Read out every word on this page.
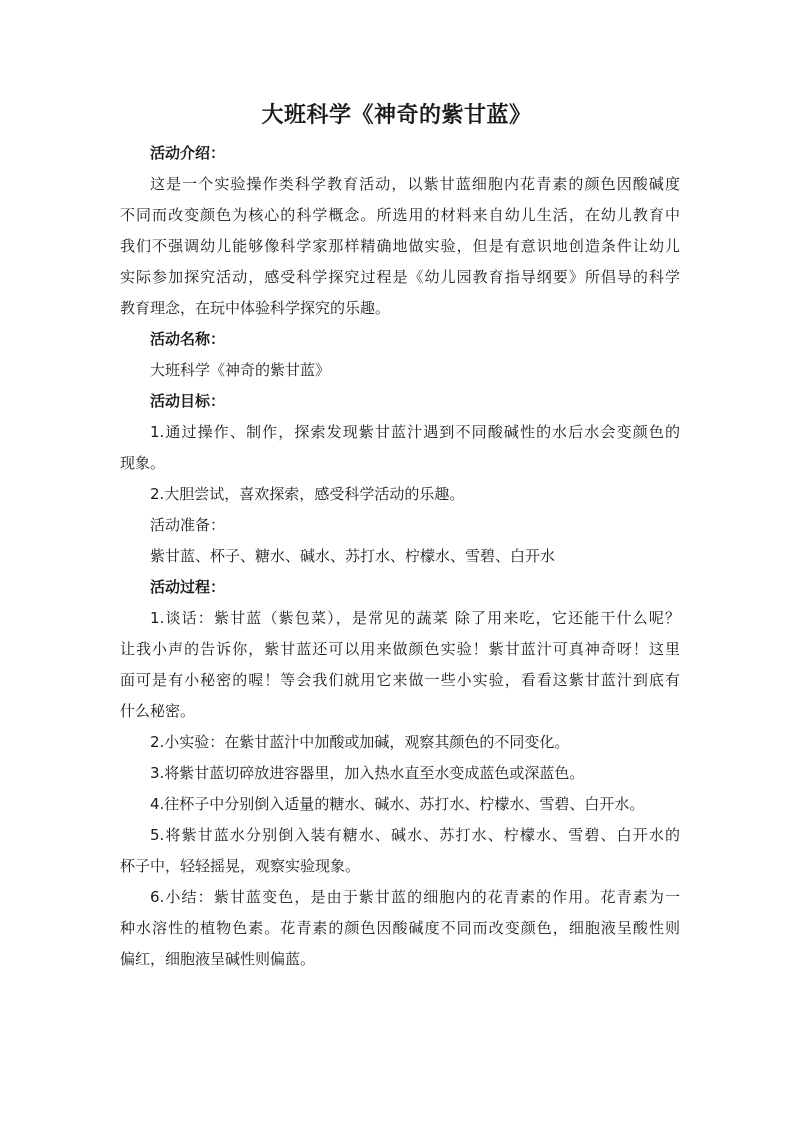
大班科学《神奇的紫甘蓝》
活动介绍：
这是一个实验操作类科学教育活动，以紫甘蓝细胞内花青素的颜色因酸碱度
不同而改变颜色为核心的科学概念。所选用的材料来自幼儿生活，在幼儿教育中
我们不强调幼儿能够像科学家那样精确地做实验，但是有意识地创造条件让幼儿
实际参加探究活动，感受科学探究过程是《幼儿园教育指导纲要》所倡导的科学
教育理念，在玩中体验科学探究的乐趣。
活动名称：
大班科学《神奇的紫甘蓝》
活动目标：
1.通过操作、制作，探索发现紫甘蓝汁遇到不同酸碱性的水后水会变颜色的
现象。
2.大胆尝试，喜欢探索，感受科学活动的乐趣。
活动准备：
紫甘蓝、杯子、糖水、碱水、苏打水、柠檬水、雪碧、白开水
活动过程：
1.谈话：紫甘蓝（紫包菜），是常见的蔬菜 除了用来吃，它还能干什么呢？
让我小声的告诉你，紫甘蓝还可以用来做颜色实验！紫甘蓝汁可真神奇呀！这里
面可是有小秘密的喔！等会我们就用它来做一些小实验，看看这紫甘蓝汁到底有
什么秘密。
2.小实验：在紫甘蓝汁中加酸或加碱，观察其颜色的不同变化。
3.将紫甘蓝切碎放进容器里，加入热水直至水变成蓝色或深蓝色。
4.往杯子中分别倒入适量的糖水、碱水、苏打水、柠檬水、雪碧、白开水。
5.将紫甘蓝水分别倒入装有糖水、碱水、苏打水、柠檬水、雪碧、白开水的
杯子中，轻轻摇晃，观察实验现象。
6.小结：紫甘蓝变色，是由于紫甘蓝的细胞内的花青素的作用。花青素为一
种水溶性的植物色素。花青素的颜色因酸碱度不同而改变颜色，细胞液呈酸性则
偏红，细胞液呈碱性则偏蓝。
